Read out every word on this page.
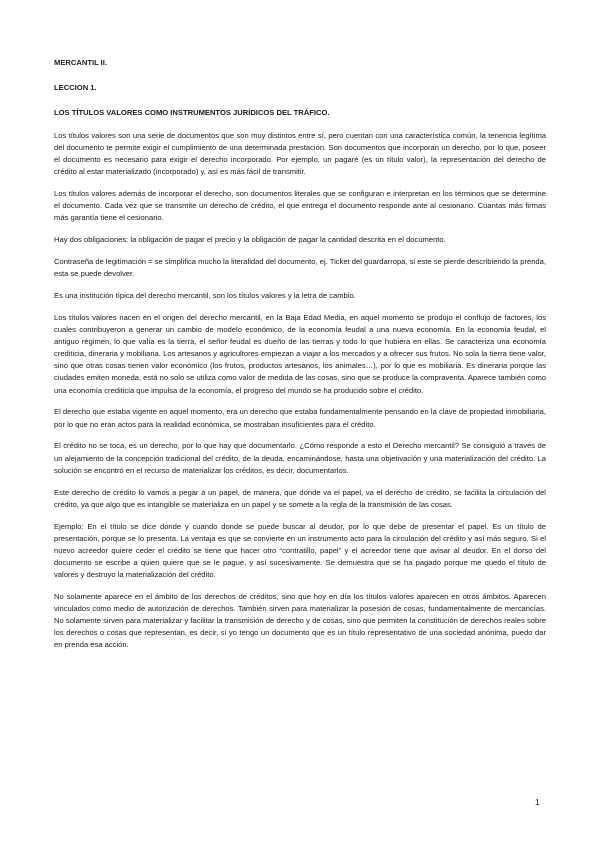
MERCANTIL II.
LECCION 1.
LOS TÍTULOS VALORES COMO INSTRUMENTOS JURÍDICOS DEL TRÁFICO.

Los títulos valores son una serie de documentos que son muy distintos entre sí, pero cuentan con una característica común, la tenencia legítima del documento te permite exigir el cumplimiento de una determinada prestación. Son documentos que incorporan un derecho, por lo que, poseer el documento es necesario para exigir el derecho incorporado. Por ejemplo, un pagaré (es un título valor), la representación del derecho de crédito al estar materializado (incorporado) y, así es más fácil de transmitir.

Los títulos valores además de incorporar el derecho, son documentos literales que se configuran e interpretan en los términos que se determine el documento. Cada vez que se transmite un derecho de crédito, el que entrega el documento responde ante al cesionario. Cuantas más firmas más garantía tiene el cesionario.

Hay dos obligaciones: la obligación de pagar el precio y la obligación de pagar la cantidad descrita en el documento.

Contraseña de legitimación = se simplifica mucho la literalidad del documento, ej. Ticket del guardarropa, si este se pierde describiendo la prenda, esta se puede devolver.

Es una institución típica del derecho mercantil, son los títulos valores y la letra de cambio.

Los títulos valores nacen en el origen del derecho mercantil, en la Baja Edad Media, en aquel momento se produjo el conflujo de factores, los cuales contribuyeron a generar un cambio de modelo económico, de la economía feudal a una nueva economía. En la economía feudal, el antiguo régimen, lo que valía es la tierra, el señor feudal es dueño de las tierras y todo lo que hubiera en ellas. Se caracteriza una economía crediticia, dineraria y mobiliaria. Los artesanos y agricultores empiezan a viajar a los mercados y a ofrecer sus frutos. No sola la tierra tiene valor, sino que otras cosas tienen valor económico (los frutos, productos artesanos, los animales…), por lo que es mobiliaria. Es dineraria porque las ciudades emiten moneda, está no solo se utiliza como valor de medida de las cosas, sino que se produce la compraventa. Aparece también como una economía crediticia que impulsa de la economía, el progreso del mundo se ha producido sobre el crédito.

El derecho que estaba vigente en aquel momento, era un derecho que estaba fundamentalmente pensando en la clave de propiedad inmobiliaria, por lo que no eran actos para la realidad económica, se mostraban insuficientes para el crédito.

El crédito no se toca, es un derecho, por lo que hay que documentarlo. ¿Cómo responde a esto el Derecho mercantil? Se consiguió a través de un alejamiento de la concepción tradicional del crédito, de la deuda, encaminándose, hasta una objetivación y una materialización del crédito. La solución se encontró en el recurso de materializar los créditos, es decir, documentarlos.

Este derecho de crédito lo vamos a pegar a un papel, de manera, que donde va el papel, va el derecho de crédito, se facilita la circulación del crédito, ya que algo que es intangible se materializa en un papel y se somete a la regla de la transmisión de las cosas.

Ejemplo: En el título se dice donde y cuando donde se puede buscar al deudor, por lo que debe de presentar el papel. Es un título de presentación, porque se lo presenta. La ventaja es que se convierte en un instrumento acto para la circulación del crédito y así más seguro. Si el nuevo acreedor quiere ceder el crédito se tiene que hacer otro “contratillo, papel” y el acreedor tiene que avisar al deudor. En el dorso del documento se escribe a quien quiere que se le pague, y así sucesivamente. Se demuestra que se ha pagado porque me quedo el título de valores y destruyo la materialización del crédito.

No solamente aparece en el ámbito de los derechos de créditos, sino que hoy en día los títulos valores aparecen en otros ámbitos. Aparecen vinculados como medio de autorización de derechos. También sirven para materializar la posesión de cosas, fundamentalmente de mercancías. No solamente sirven para materializar y facilitar la transmisión de derecho y de cosas, sino que permiten la constitución de derechos reales sobre los derechos o cosas que representan, es decir, si yo tengo un documento que es un título representativo de una sociedad anónima, puedo dar en prenda esa acción.

1
